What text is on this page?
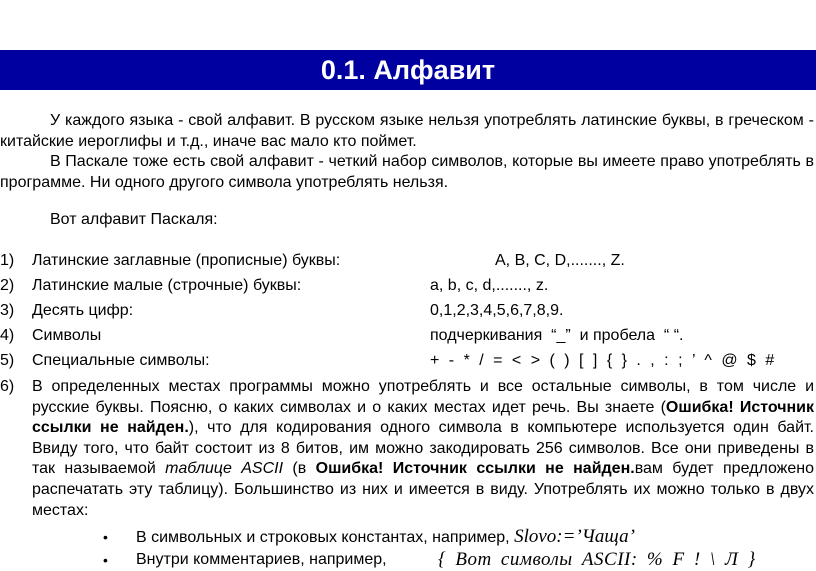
0.1. Алфавит
У каждого языка - свой алфавит. В русском языке нельзя употреблять латинские буквы, в греческом - китайские иероглифы и т.д., иначе вас мало кто поймет.
В Паскале тоже есть свой алфавит - четкий набор символов, которые вы имеете право употреблять в программе. Ни одного другого символа употреблять нельзя.
Вот алфавит Паскаля:
1) Латинские заглавные (прописные) буквы:	A, B, C, D,......., Z.
2) Латинские малые (строчные) буквы:	a, b, c, d,......., z.
3) Десять цифр:	0,1,2,3,4,5,6,7,8,9.
4) Символы	подчеркивания  “_”  и пробела  “ “.
5) Специальные символы:	+ - * / = < > ( ) [ ] { } . , : ; ’ ^ @ $ #
6) В определенных местах программы можно употреблять и все остальные символы, в том числе и русские буквы. Поясню, о каких символах и о каких местах идет речь. Вы знаете (Ошибка! Источник ссылки не найден.), что для кодирования одного символа в компьютере используется один байт. Ввиду того, что байт состоит из 8 битов, им можно закодировать 256 символов. Все они приведены в так называемой таблице ASCII (в Ошибка! Источник ссылки не найден.вам будет предложено распечатать эту таблицу). Большинство из них и имеется в виду. Употреблять их можно только в двух местах:
• В символьных и строковых константах, например, Slovo:=’Чаща’
• Внутри комментариев, например,	{ Вот символы ASCII: % F ! \ Л }
